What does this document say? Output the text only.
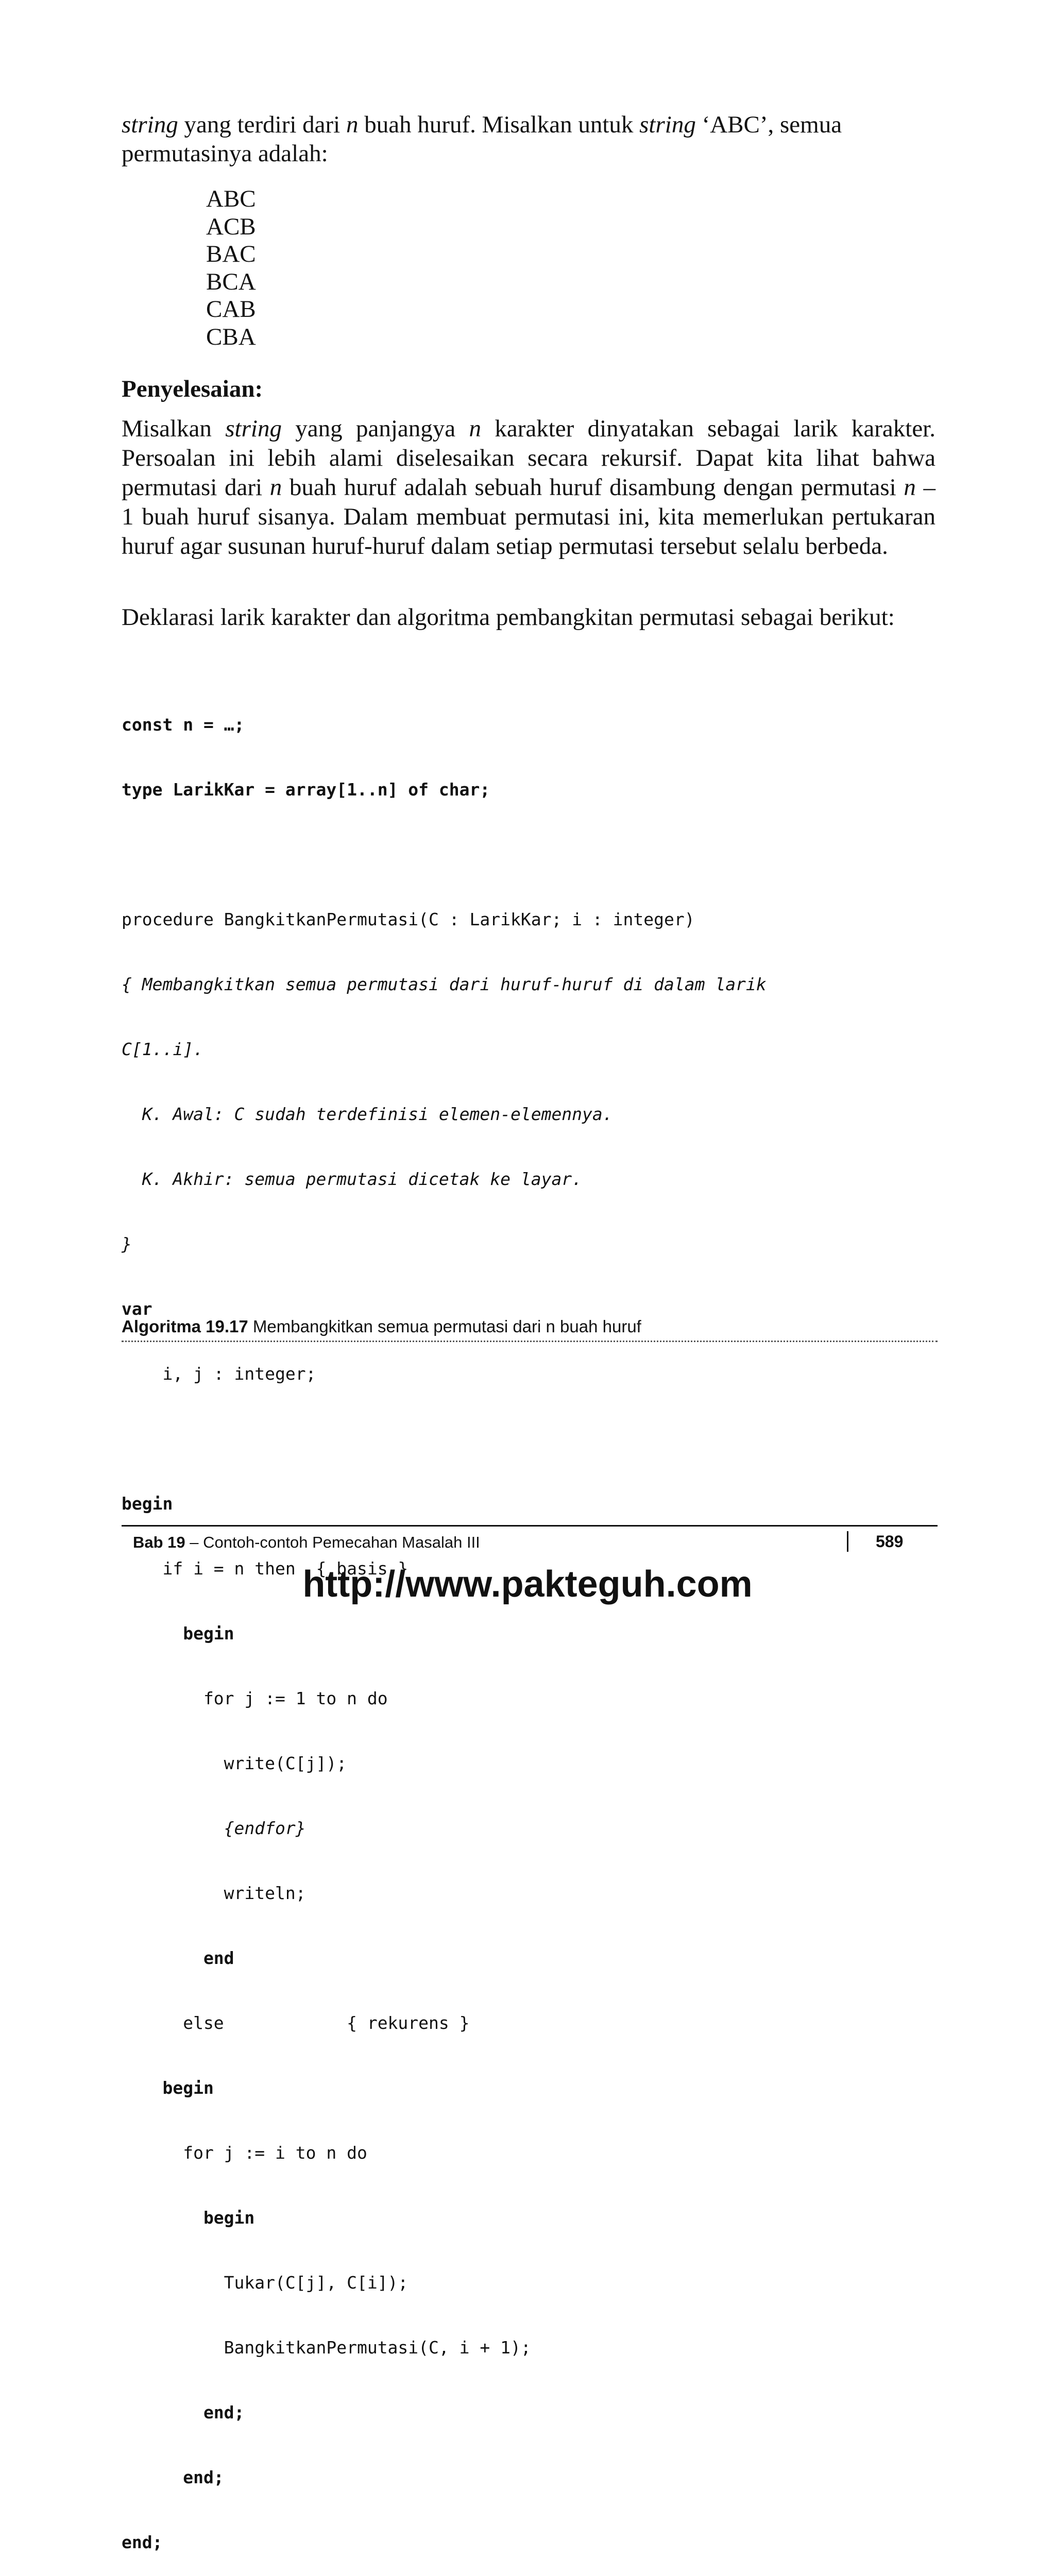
string yang terdiri dari n buah huruf. Misalkan untuk string ‘ABC’, semua permutasinya adalah:
ABC
ACB
BAC
BCA
CAB
CBA
Penyelesaian:
Misalkan string yang panjangya n karakter dinyatakan sebagai larik karakter. Persoalan ini lebih alami diselesaikan secara rekursif. Dapat kita lihat bahwa permutasi dari n buah huruf adalah sebuah huruf disambung dengan permutasi n – 1 buah huruf sisanya. Dalam membuat permutasi ini, kita memerlukan pertukaran huruf agar susunan huruf-huruf dalam setiap permutasi tersebut selalu berbeda.
Deklarasi larik karakter dan algoritma pembangkitan permutasi sebagai berikut:

const n = …;

type LarikKar = array[1..n] of char;

procedure BangkitkanPermutasi(C : LarikKar; i : integer)

{ Membangkitkan semua permutasi dari huruf-huruf di dalam larik

C[1..i].

K. Awal: C sudah terdefinisi elemen-elemennya.

K. Akhir: semua permutasi dicetak ke layar.

}

var

i, j : integer;

begin

if i = n then  { basis }

begin

for j := 1 to n do

write(C[j]);

{endfor}

writeln;

end

else            { rekurens }

begin

for j := i to n do

begin

Tukar(C[j], C[i]);

BangkitkanPermutasi(C, i + 1);

end;

end;

end;

Algoritma 19.17 Membangkitkan semua permutasi dari n buah huruf
Bab 19 – Contoh-contoh Pemecahan Masalah III	589
http://www.pakteguh.com
